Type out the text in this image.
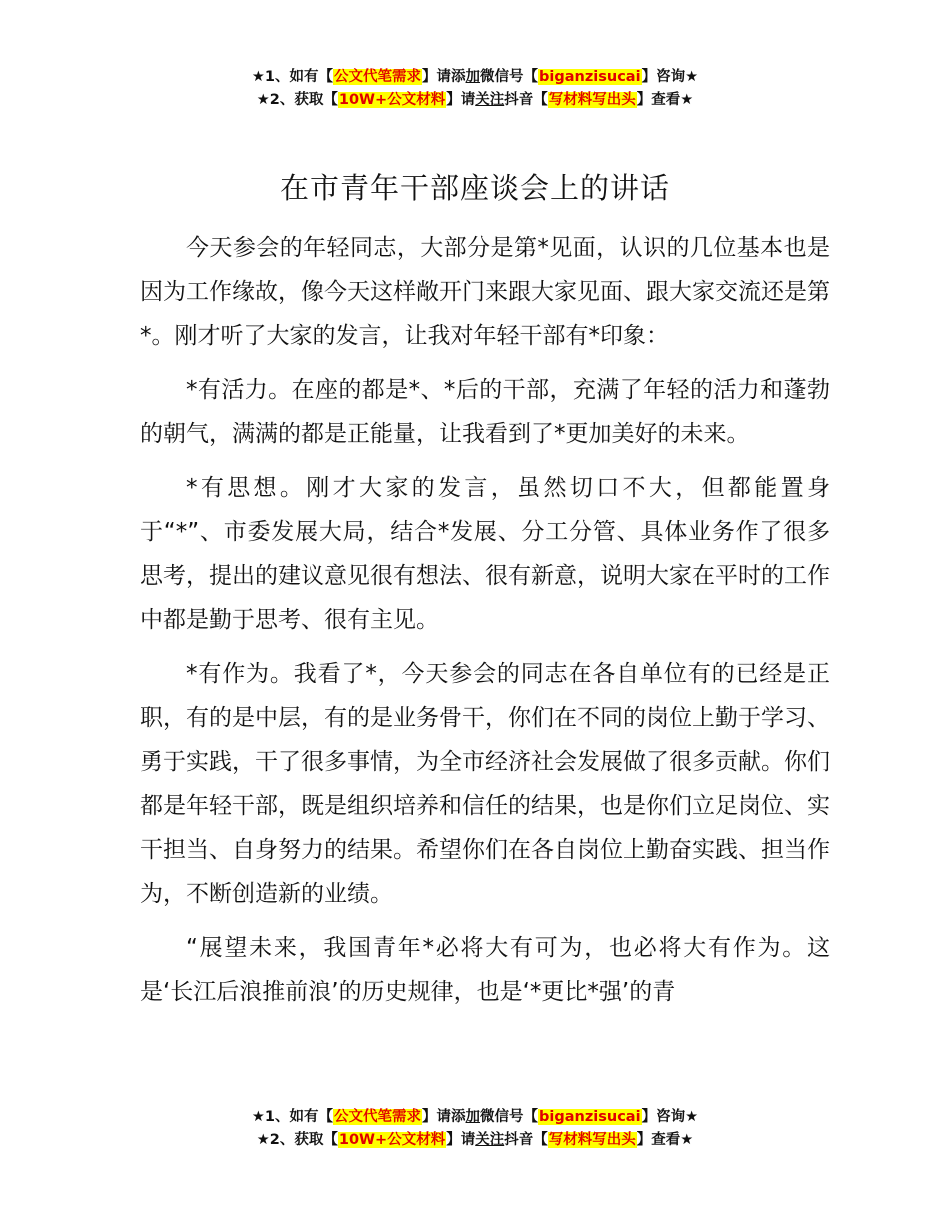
★1、如有【公文代笔需求】请添加微信号【biganzisucai】咨询★
★2、获取【10W+公文材料】请关注抖音【写材料写出头】查看★
在市青年干部座谈会上的讲话

今天参会的年轻同志，大部分是第*见面，认识的几位基本也是因为工作缘故，像今天这样敞开门来跟大家见面、跟大家交流还是第*。刚才听了大家的发言，让我对年轻干部有*印象：

*有活力。在座的都是*、*后的干部，充满了年轻的活力和蓬勃的朝气，满满的都是正能量，让我看到了*更加美好的未来。

*有思想。刚才大家的发言，虽然切口不大，但都能置身于“*”、市委发展大局，结合*发展、分工分管、具体业务作了很多思考，提出的建议意见很有想法、很有新意，说明大家在平时的工作中都是勤于思考、很有主见。

*有作为。我看了*，今天参会的同志在各自单位有的已经是正职，有的是中层，有的是业务骨干，你们在不同的岗位上勤于学习、勇于实践，干了很多事情，为全市经济社会发展做了很多贡献。你们都是年轻干部，既是组织培养和信任的结果，也是你们立足岗位、实干担当、自身努力的结果。希望你们在各自岗位上勤奋实践、担当作为，不断创造新的业绩。

“展望未来，我国青年*必将大有可为，也必将大有作为。这是‘长江后浪推前浪’的历史规律，也是‘*更比*强’的青

★1、如有【公文代笔需求】请添加微信号【biganzisucai】咨询★
★2、获取【10W+公文材料】请关注抖音【写材料写出头】查看★
